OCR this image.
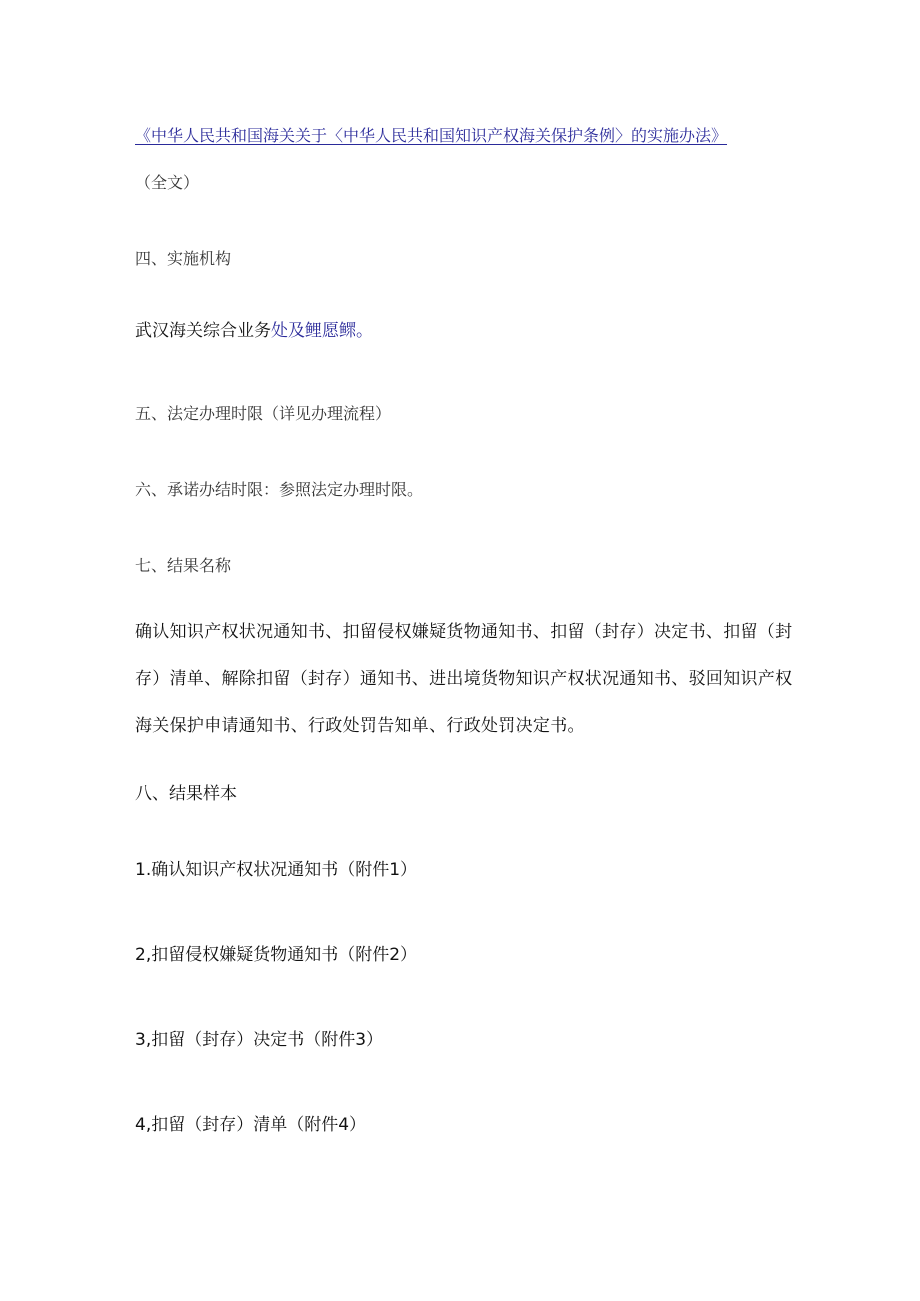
《中华人民共和国海关关于〈中华人民共和国知识产权海关保护条例〉的实施办法》

（全文）

四、实施机构

武汉海关综合业务处及鲤愿鳏。

五、法定办理时限（详见办理流程）

六、承诺办结时限：参照法定办理时限。

七、结果名称

确认知识产权状况通知书、扣留侵权嫌疑货物通知书、扣留（封存）决定书、扣留（封存）清单、解除扣留（封存）通知书、进出境货物知识产权状况通知书、驳回知识产权海关保护申请通知书、行政处罚告知单、行政处罚决定书。

八、结果样本

1.确认知识产权状况通知书（附件1）

2,扣留侵权嫌疑货物通知书（附件2）

3,扣留（封存）决定书（附件3）

4,扣留（封存）清单（附件4）
